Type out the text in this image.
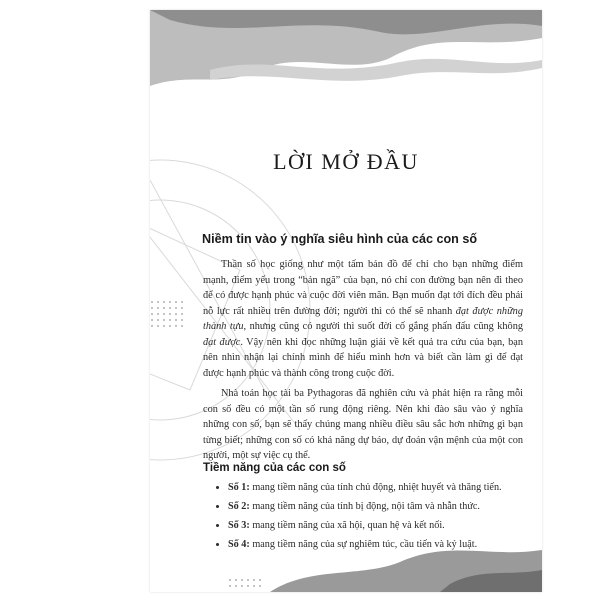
LỜI MỞ ĐẦU
Niềm tin vào ý nghĩa siêu hình của các con số

Thần số học giống như một tấm bản đồ để chỉ cho bạn những điểm mạnh, điểm yếu trong “bản ngã” của bạn, nó chỉ con đường bạn nên đi theo để có được hạnh phúc và cuộc đời viên mãn. Bạn muốn đạt tới đích đều phải nỗ lực rất nhiều trên đường đời; người thì có thể sẽ nhanh đạt được những thành tựu, nhưng cũng có người thì suốt đời cố gắng phấn đấu cũng không đạt được. Vậy nên khi đọc những luận giải về kết quả tra cứu của bạn, bạn nên nhìn nhận lại chính mình để hiểu mình hơn và biết cần làm gì để đạt được hạnh phúc và thành công trong cuộc đời.

Nhà toán học tài ba Pythagoras đã nghiên cứu và phát hiện ra rằng mỗi con số đều có một tần số rung động riêng. Nên khi đào sâu vào ý nghĩa những con số, bạn sẽ thấy chúng mang nhiều điều sâu sắc hơn những gì bạn từng biết; những con số có khả năng dự báo, dự đoán vận mệnh của một con người, một sự việc cụ thể.

Tiềm năng của các con số
• Số 1: mang tiềm năng của tính chủ động, nhiệt huyết và thăng tiến.
• Số 2: mang tiềm năng của tính bị động, nội tâm và nhẫn thức.
• Số 3: mang tiềm năng của xã hội, quan hệ và kết nối.
• Số 4: mang tiềm năng của sự nghiêm túc, cầu tiến và kỷ luật.
